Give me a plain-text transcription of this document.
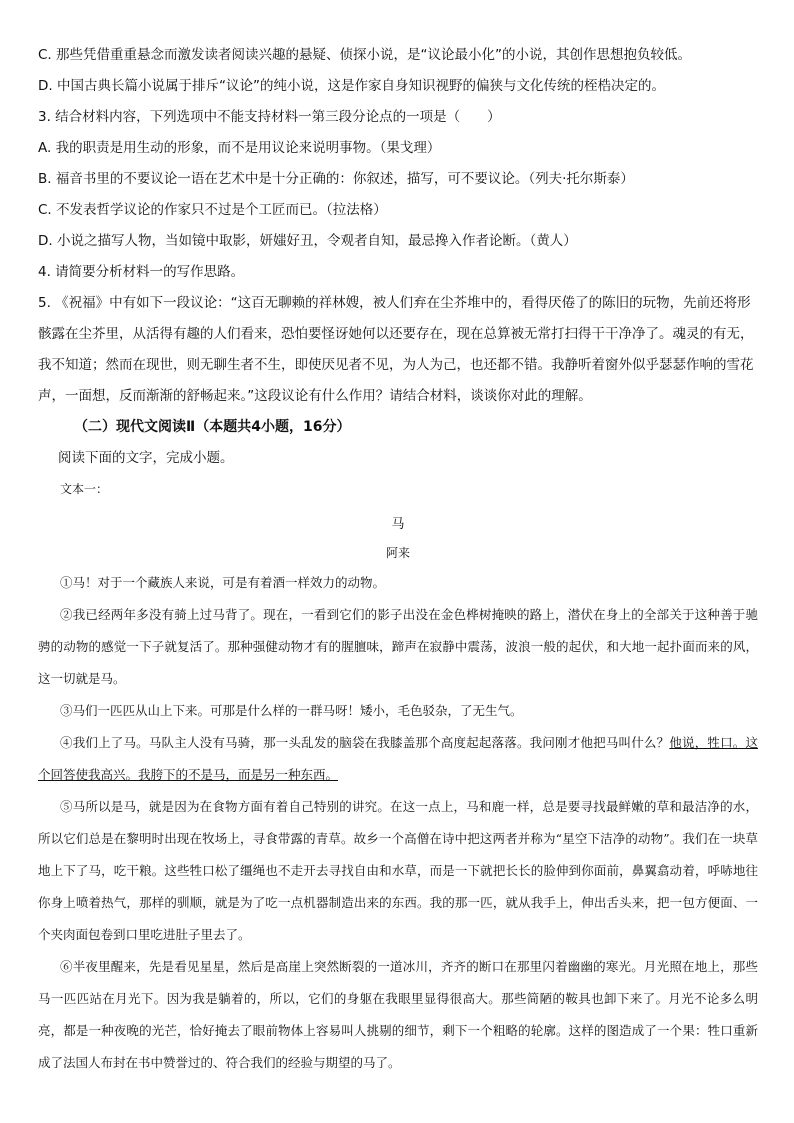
C. 那些凭借重重悬念而激发读者阅读兴趣的悬疑、侦探小说，是“议论最小化”的小说，其创作思想抱负较低。
D. 中国古典长篇小说属于排斥“议论”的纯小说，这是作家自身知识视野的偏狭与文化传统的桎梏决定的。
3. 结合材料内容，下列选项中不能支持材料一第三段分论点的一项是（　　）
A. 我的职责是用生动的形象，而不是用议论来说明事物。（果戈理）
B. 福音书里的不要议论一语在艺术中是十分正确的：你叙述，描写，可不要议论。（列夫·托尔斯泰）
C. 不发表哲学议论的作家只不过是个工匠而已。（拉法格）
D. 小说之描写人物，当如镜中取影，妍媸好丑，令观者自知，最忌搀入作者论断。（黄人）
4. 请简要分析材料一的写作思路。
5. 《祝福》中有如下一段议论：“这百无聊赖的祥林嫂，被人们弃在尘芥堆中的，看得厌倦了的陈旧的玩物，先前还将形骸露在尘芥里，从活得有趣的人们看来，恐怕要怪讶她何以还要存在，现在总算被无常打扫得干干净净了。魂灵的有无，我不知道；然而在现世，则无聊生者不生，即使厌见者不见，为人为己，也还都不错。我静听着窗外似乎瑟瑟作响的雪花声，一面想，反而渐渐的舒畅起来。”这段议论有什么作用？请结合材料，谈谈你对此的理解。
（二）现代文阅读Ⅱ（本题共4小题，16分）
阅读下面的文字，完成小题。
文本一：
马
阿来
①马！对于一个藏族人来说，可是有着酒一样效力的动物。
②我已经两年多没有骑上过马背了。现在，一看到它们的影子出没在金色桦树掩映的路上，潜伏在身上的全部关于这种善于驰骋的动物的感觉一下子就复活了。那种强健动物才有的腥膻味，蹄声在寂静中震荡，波浪一般的起伏，和大地一起扑面而来的风，这一切就是马。
③马们一匹匹从山上下来。可那是什么样的一群马呀！矮小，毛色驳杂，了无生气。
④我们上了马。马队主人没有马骑，那一头乱发的脑袋在我膝盖那个高度起起落落。我问刚才他把马叫什么？他说，牲口。这个回答使我高兴。我胯下的不是马，而是另一种东西。
⑤马所以是马，就是因为在食物方面有着自己特别的讲究。在这一点上，马和鹿一样，总是要寻找最鲜嫩的草和最洁净的水，所以它们总是在黎明时出现在牧场上，寻食带露的青草。故乡一个高僧在诗中把这两者并称为“星空下洁净的动物”。我们在一块草地上下了马，吃干粮。这些牲口松了缰绳也不走开去寻找自由和水草，而是一下就把长长的脸伸到你面前，鼻翼翕动着，呼哧地往你身上喷着热气，那样的驯顺，就是为了吃一点机器制造出来的东西。我的那一匹，就从我手上，伸出舌头来，把一包方便面、一个夹肉面包卷到口里吃进肚子里去了。
⑥半夜里醒来，先是看见星星，然后是高崖上突然断裂的一道冰川，齐齐的断口在那里闪着幽幽的寒光。月光照在地上，那些马一匹匹站在月光下。因为我是躺着的，所以，它们的身躯在我眼里显得很高大。那些简陋的鞍具也卸下来了。月光不论多么明亮，都是一种夜晚的光芒，恰好掩去了眼前物体上容易叫人挑剔的细节，剩下一个粗略的轮廓。这样的图造成了一个果：牲口重新成了法国人布封在书中赞誉过的、符合我们的经验与期望的马了。
